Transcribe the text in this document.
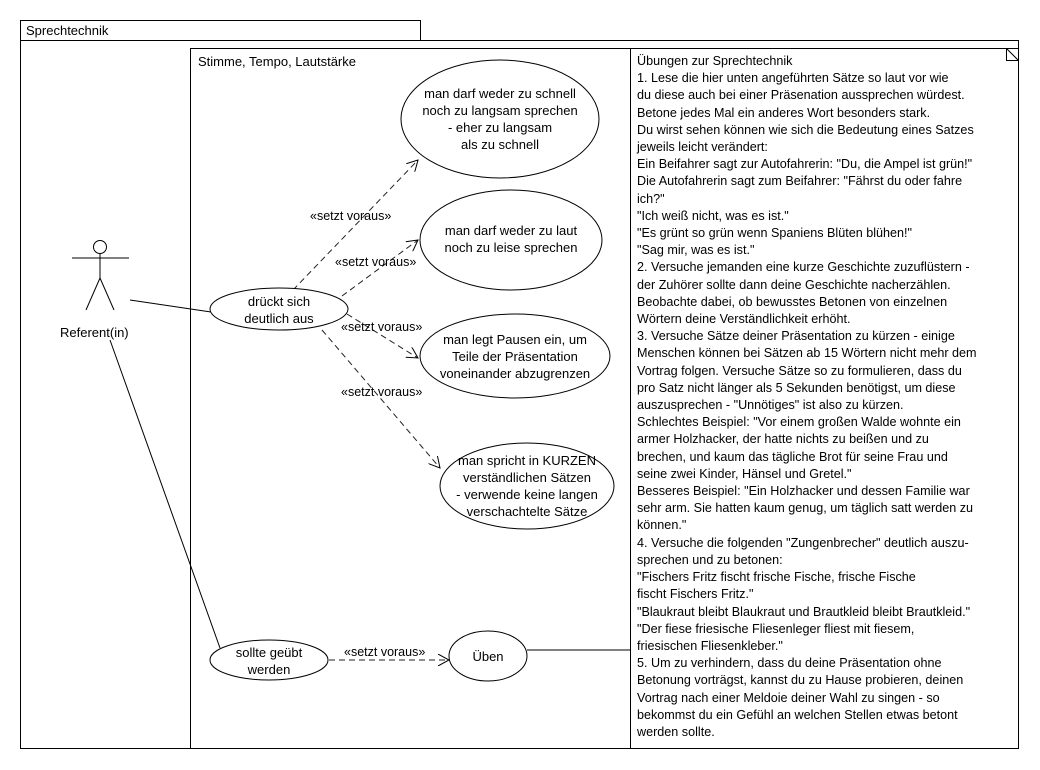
Sprechtechnik
Stimme, Tempo, Lautstärke
Referent(in)
man darf weder zu schnell
noch zu langsam sprechen
- eher zu langsam
als zu schnell
man darf weder zu laut
noch zu leise sprechen
man legt Pausen ein, um
Teile der Präsentation
voneinander abzugrenzen
man spricht in KURZEN
verständlichen Sätzen
- verwende keine langen
verschachtelte Sätze
drückt sich
deutlich aus
sollte geübt
werden
Üben
«setzt voraus»
«setzt voraus»
«setzt voraus»
«setzt voraus»
«setzt voraus»
Übungen zur Sprechtechnik
1. Lese die hier unten angeführten Sätze so laut vor wie
du diese auch bei einer Präsenation aussprechen würdest.
Betone jedes Mal ein anderes Wort besonders stark.
Du wirst sehen können wie sich die Bedeutung eines Satzes
jeweils leicht verändert:
Ein Beifahrer sagt zur Autofahrerin: "Du, die Ampel ist grün!"
Die Autofahrerin sagt zum Beifahrer: "Fährst du oder fahre
ich?"
"Ich weiß nicht, was es ist."
"Es grünt so grün wenn Spaniens Blüten blühen!"
"Sag mir, was es ist."
2. Versuche jemanden eine kurze Geschichte zuzuflüstern -
der Zuhörer sollte dann deine Geschichte nacherzählen.
Beobachte dabei, ob bewusstes Betonen von einzelnen
Wörtern deine Verständlichkeit erhöht.
3. Versuche Sätze deiner Präsentation zu kürzen - einige
Menschen können bei Sätzen ab 15 Wörtern nicht mehr dem
Vortrag folgen. Versuche Sätze so zu formulieren, dass du
pro Satz nicht länger als 5 Sekunden benötigst, um diese
auszusprechen - "Unnötiges" ist also zu kürzen.
Schlechtes Beispiel: "Vor einem großen Walde wohnte ein
armer Holzhacker, der hatte nichts zu beißen und zu
brechen, und kaum das tägliche Brot für seine Frau und
seine zwei Kinder, Hänsel und Gretel."
Besseres Beispiel: "Ein Holzhacker und dessen Familie war
sehr arm. Sie hatten kaum genug, um täglich satt werden zu
können."
4. Versuche die folgenden "Zungenbrecher" deutlich auszu-
sprechen und zu betonen:
"Fischers Fritz fischt frische Fische, frische Fische
fischt Fischers Fritz."
"Blaukraut bleibt Blaukraut und Brautkleid bleibt Brautkleid."
"Der fiese friesische Fliesenleger fliest mit fiesem,
friesischen Fliesenkleber."
5. Um zu verhindern, dass du deine Präsentation ohne
Betonung vorträgst, kannst du zu Hause probieren, deinen
Vortrag nach einer Meldoie deiner Wahl zu singen - so
bekommst du ein Gefühl an welchen Stellen etwas betont
werden sollte.
